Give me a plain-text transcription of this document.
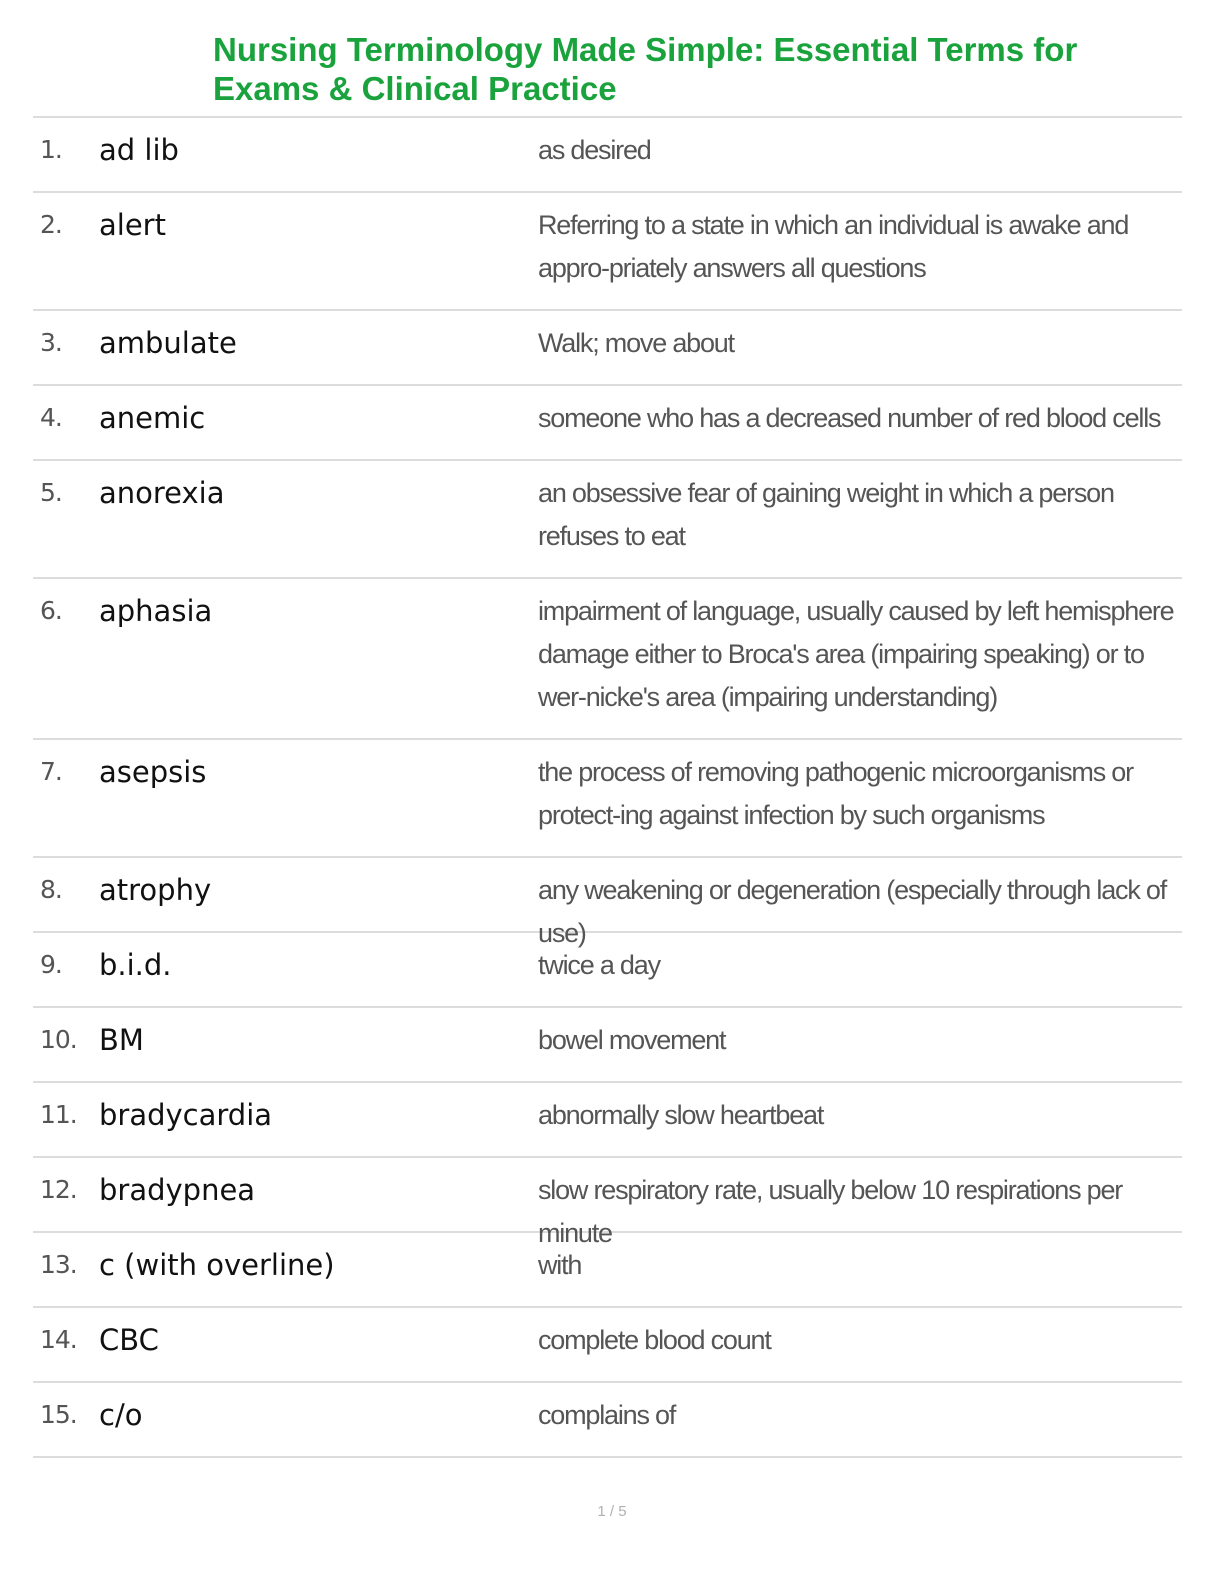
Nursing Terminology Made Simple: Essential Terms for Exams & Clinical Practice
1.	ad lib	as desired
2.	alert	Referring to a state in which an individual is awake and appro-priately answers all questions
3.	ambulate	Walk; move about
4.	anemic	someone who has a decreased number of red blood cells
5.	anorexia	an obsessive fear of gaining weight in which a person refuses to eat
6.	aphasia	impairment of language, usually caused by left hemisphere damage either to Broca's area (impairing speaking) or to wer-nicke's area (impairing understanding)
7.	asepsis	the process of removing pathogenic microorganisms or protect-ing against infection by such organisms
8.	atrophy	any weakening or degeneration (especially through lack of use)
9.	b.i.d.	twice a day
10. BM	bowel movement
11. bradycardia	abnormally slow heartbeat
12. bradypnea	slow respiratory rate, usually below 10 respirations per minute
13. c (with overline)	with
14. CBC	complete blood count
15. c/o	complains of
1 / 5
